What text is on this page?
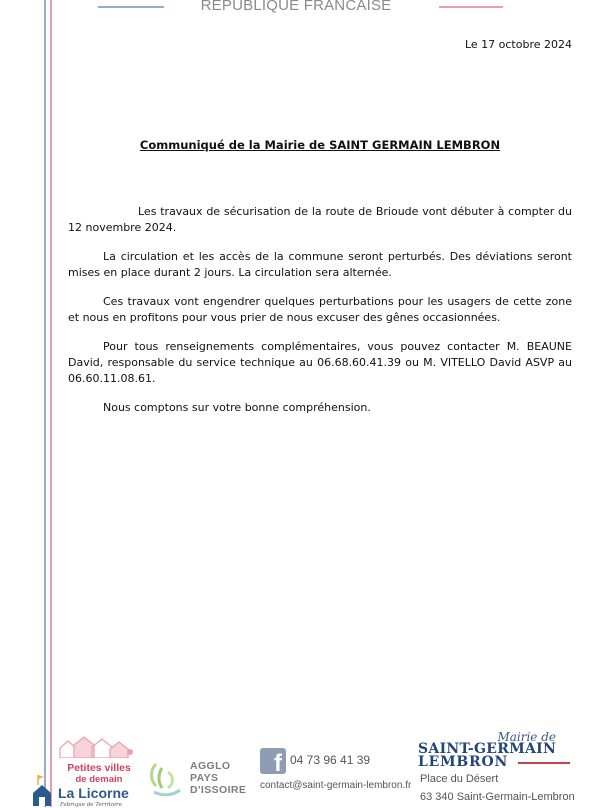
REPUBLIQUE FRANCAISE
Le 17 octobre 2024
Communiqué de la Mairie de SAINT GERMAIN LEMBRON

Les travaux de sécurisation de la route de Brioude vont débuter à compter du 12 novembre 2024.

La circulation et les accès de la commune seront perturbés. Des déviations seront mises en place durant 2 jours. La circulation sera alternée.

Ces travaux vont engendrer quelques perturbations pour les usagers de cette zone et nous en profitons pour vous prier de nous excuser des gênes occasionnées.

Pour tous renseignements complémentaires, vous pouvez contacter M. BEAUNE David, responsable du service technique au 06.68.60.41.39 ou M. VITELLO David ASVP au 06.60.11.08.61.

Nous comptons sur votre bonne compréhension.

Petites villes
de demain
La Licorne
Fabrique de Territoire
AGGLO
PAYS
D'ISSOIRE
f 04 73 96 41 39
contact@saint-germain-lembron.fr
Mairie de
SAINT-GERMAIN
LEMBRON
Place du Désert
63 340 Saint-Germain-Lembron
